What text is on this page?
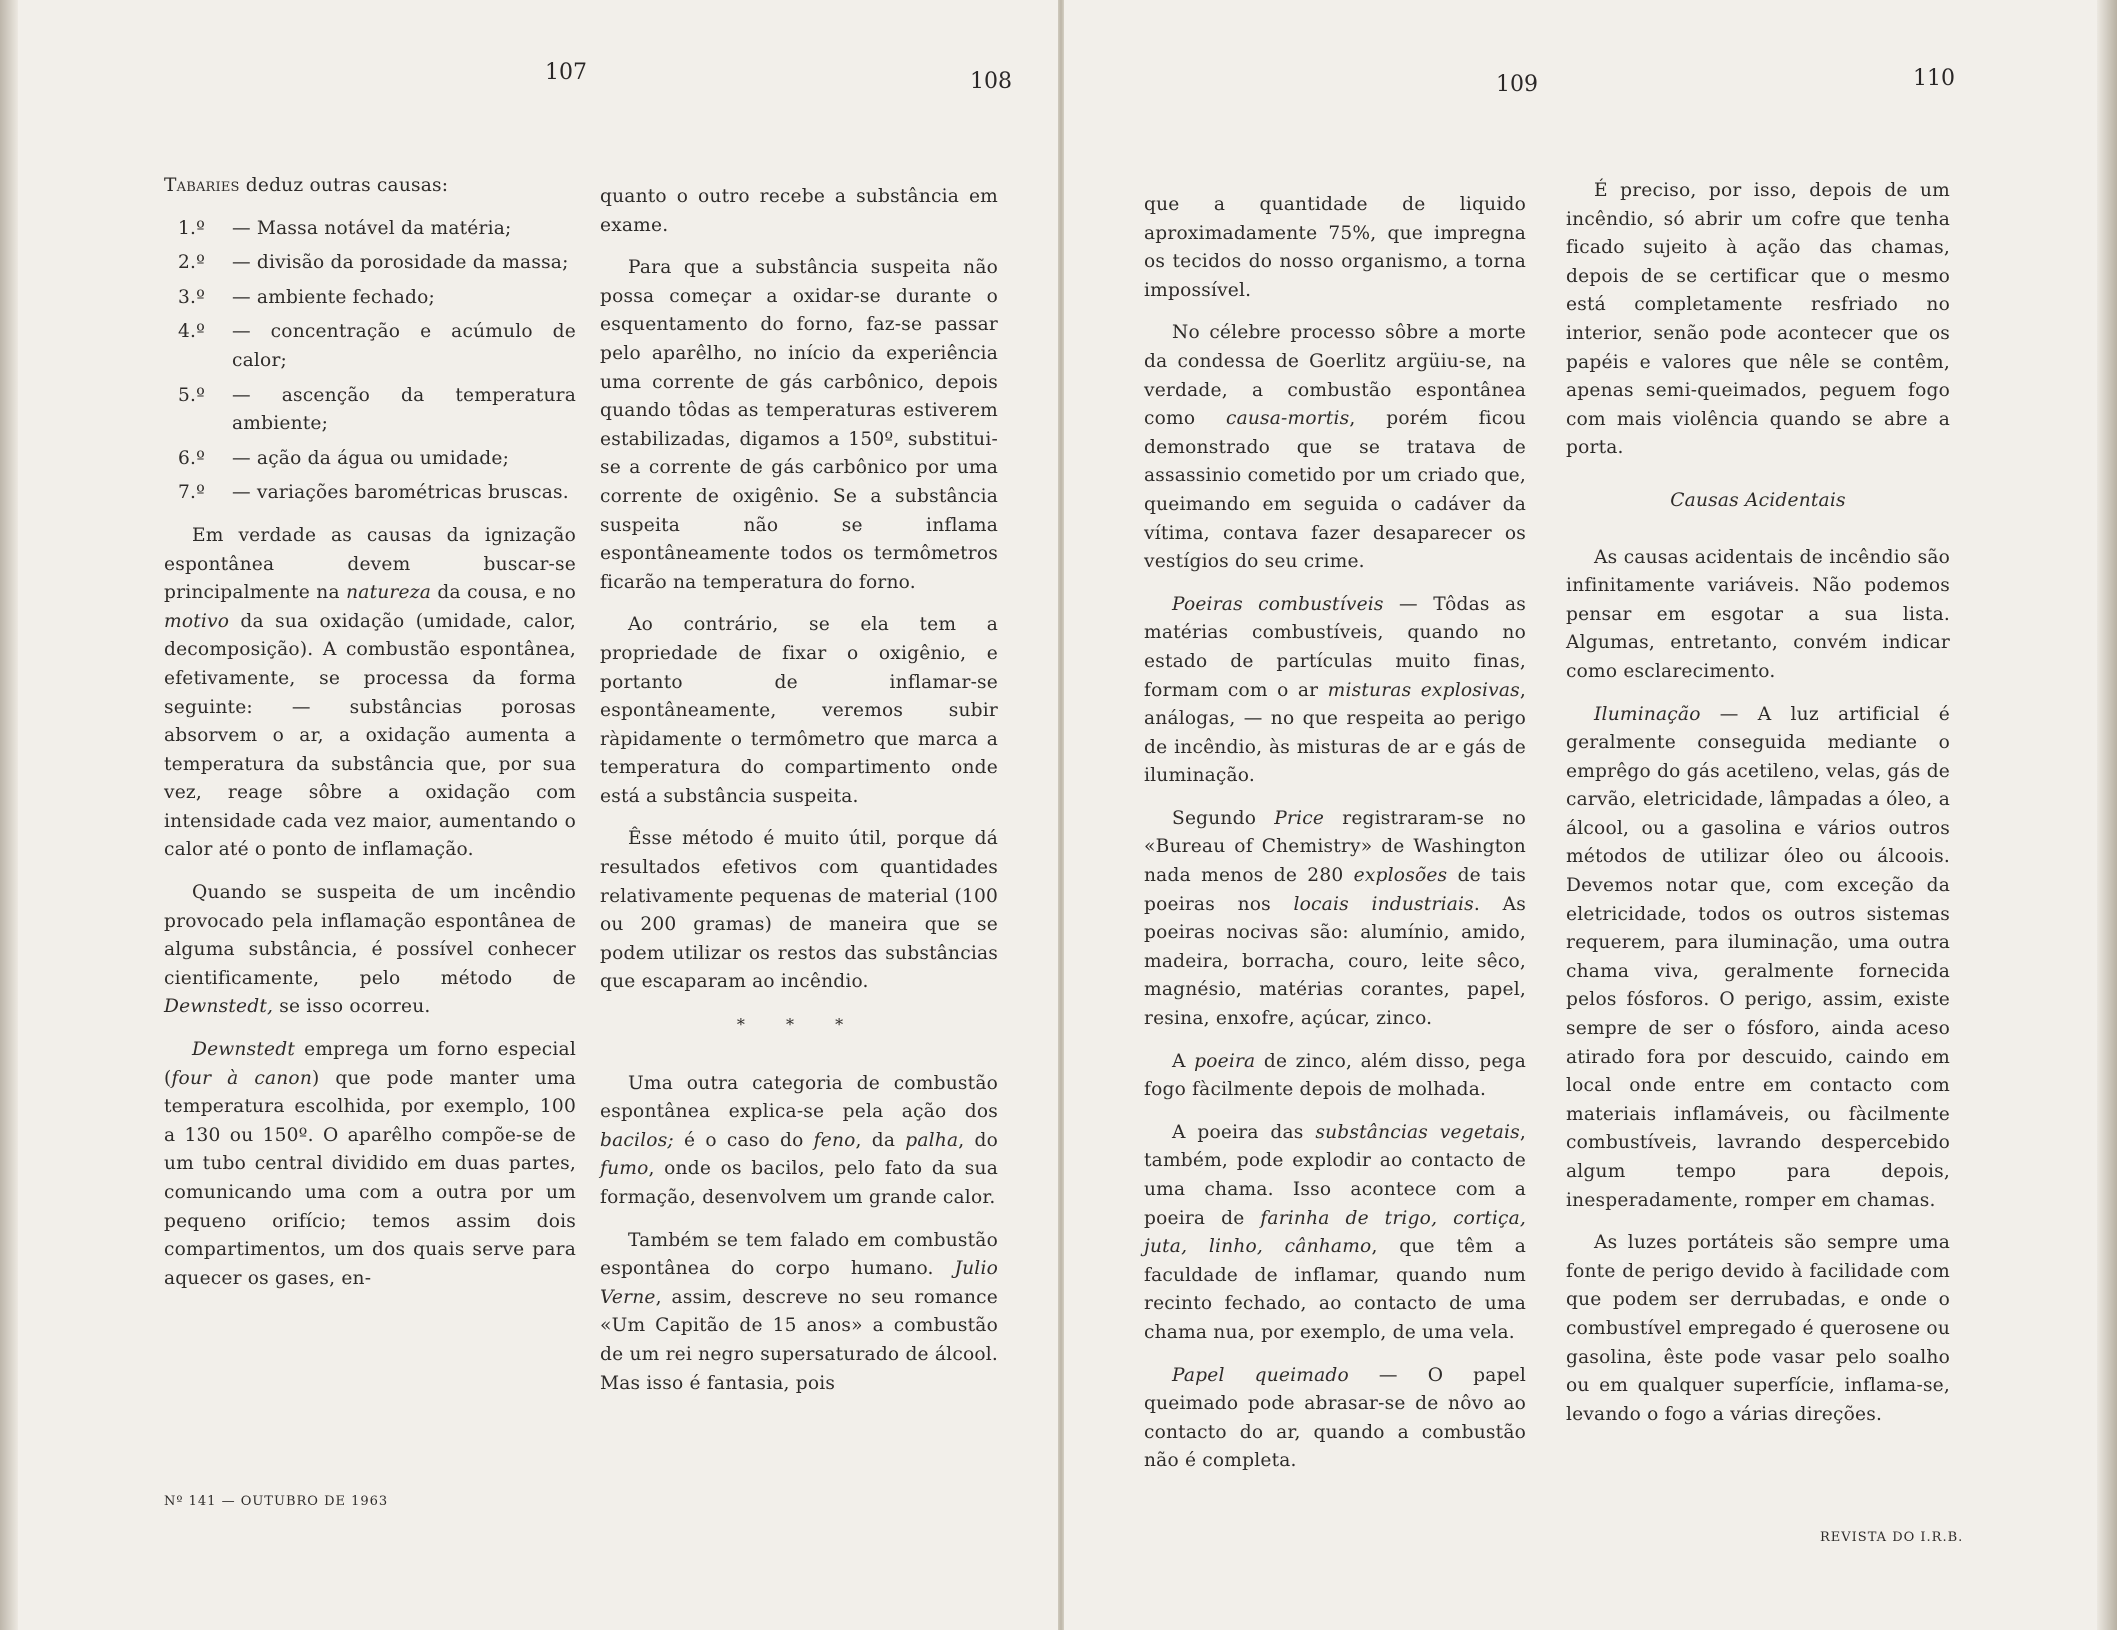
107	108

Tabaries deduz outras causas:

1.º	— Massa notável da matéria;
2.º	— divisão da porosidade da massa;
3.º	— ambiente fechado;
4.º	— concentração e acúmulo de calor;
5.º	— ascenção da temperatura ambiente;
6.º	— ação da água ou umidade;
7.º	— variações barométricas bruscas.

Em verdade as causas da ignização espontânea devem buscar-se principalmente na natureza da cousa, e no motivo da sua oxidação (umidade, calor, decomposição). A combustão espontânea, efetivamente, se processa da forma seguinte: — substâncias porosas absorvem o ar, a oxidação aumenta a temperatura da substância que, por sua vez, reage sôbre a oxidação com intensidade cada vez maior, aumentando o calor até o ponto de inflamação.

Quando se suspeita de um incêndio provocado pela inflamação espontânea de alguma substância, é possível conhecer cientificamente, pelo método de Dewnstedt, se isso ocorreu.

Dewnstedt emprega um forno especial (four à canon) que pode manter uma temperatura escolhida, por exemplo, 100 a 130 ou 150º. O aparêlho compõe-se de um tubo central dividido em duas partes, comunicando uma com a outra por um pequeno orifício; temos assim dois compartimentos, um dos quais serve para aquecer os gases, en-

quanto o outro recebe a substância em exame.

Para que a substância suspeita não possa começar a oxidar-se durante o esquentamento do forno, faz-se passar pelo aparêlho, no início da experiência uma corrente de gás carbônico, depois quando tôdas as temperaturas estiverem estabilizadas, digamos a 150º, substitui-se a corrente de gás carbônico por uma corrente de oxigênio. Se a substância suspeita não se inflama espontâneamente todos os termômetros ficarão na temperatura do forno.

Ao contrário, se ela tem a propriedade de fixar o oxigênio, e portanto de inflamar-se espontâneamente, veremos subir ràpidamente o termômetro que marca a temperatura do compartimento onde está a substância suspeita.

Êsse método é muito útil, porque dá resultados efetivos com quantidades relativamente pequenas de material (100 ou 200 gramas) de maneira que se podem utilizar os restos das substâncias que escaparam ao incêndio.

* * *

Uma outra categoria de combustão espontânea explica-se pela ação dos bacilos; é o caso do feno, da palha, do fumo, onde os bacilos, pelo fato da sua formação, desenvolvem um grande calor.

Também se tem falado em combustão espontânea do corpo humano. Julio Verne, assim, descreve no seu romance «Um Capitão de 15 anos» a combustão de um rei negro supersaturado de álcool. Mas isso é fantasia, pois

Nº 141 — OUTUBRO DE 1963
109	110

que a quantidade de liquido aproximadamente 75%, que impregna os tecidos do nosso organismo, a torna impossível.

No célebre processo sôbre a morte da condessa de Goerlitz argüiu-se, na verdade, a combustão espontânea como causa-mortis, porém ficou demonstrado que se tratava de assassinio cometido por um criado que, queimando em seguida o cadáver da vítima, contava fazer desaparecer os vestígios do seu crime.

Poeiras combustíveis — Tôdas as matérias combustíveis, quando no estado de partículas muito finas, formam com o ar misturas explosivas, análogas, — no que respeita ao perigo de incêndio, às misturas de ar e gás de iluminação.

Segundo Price registraram-se no «Bureau of Chemistry» de Washington nada menos de 280 explosões de tais poeiras nos locais industriais. As poeiras nocivas são: alumínio, amido, madeira, borracha, couro, leite sêco, magnésio, matérias corantes, papel, resina, enxofre, açúcar, zinco.

A poeira de zinco, além disso, pega fogo fàcilmente depois de molhada.

A poeira das substâncias vegetais, também, pode explodir ao contacto de uma chama. Isso acontece com a poeira de farinha de trigo, cortiça, juta, linho, cânhamo, que têm a faculdade de inflamar, quando num recinto fechado, ao contacto de uma chama nua, por exemplo, de uma vela.

Papel queimado — O papel queimado pode abrasar-se de nôvo ao contacto do ar, quando a combustão não é completa.

É preciso, por isso, depois de um incêndio, só abrir um cofre que tenha ficado sujeito à ação das chamas, depois de se certificar que o mesmo está completamente resfriado no interior, senão pode acontecer que os papéis e valores que nêle se contêm, apenas semi-queimados, peguem fogo com mais violência quando se abre a porta.

Causas Acidentais

As causas acidentais de incêndio são infinitamente variáveis. Não podemos pensar em esgotar a sua lista. Algumas, entretanto, convém indicar como esclarecimento.

Iluminação — A luz artificial é geralmente conseguida mediante o emprêgo do gás acetileno, velas, gás de carvão, eletricidade, lâmpadas a óleo, a álcool, ou a gasolina e vários outros métodos de utilizar óleo ou álcoois. Devemos notar que, com exceção da eletricidade, todos os outros sistemas requerem, para iluminação, uma outra chama viva, geralmente fornecida pelos fósforos. O perigo, assim, existe sempre de ser o fósforo, ainda aceso atirado fora por descuido, caindo em local onde entre em contacto com materiais inflamáveis, ou fàcilmente combustíveis, lavrando despercebido algum tempo para depois, inesperadamente, romper em chamas.

As luzes portáteis são sempre uma fonte de perigo devido à facilidade com que podem ser derrubadas, e onde o combustível empregado é querosene ou gasolina, êste pode vasar pelo soalho ou em qualquer superfície, inflama-se, levando o fogo a várias direções.

REVISTA DO I.R.B.
